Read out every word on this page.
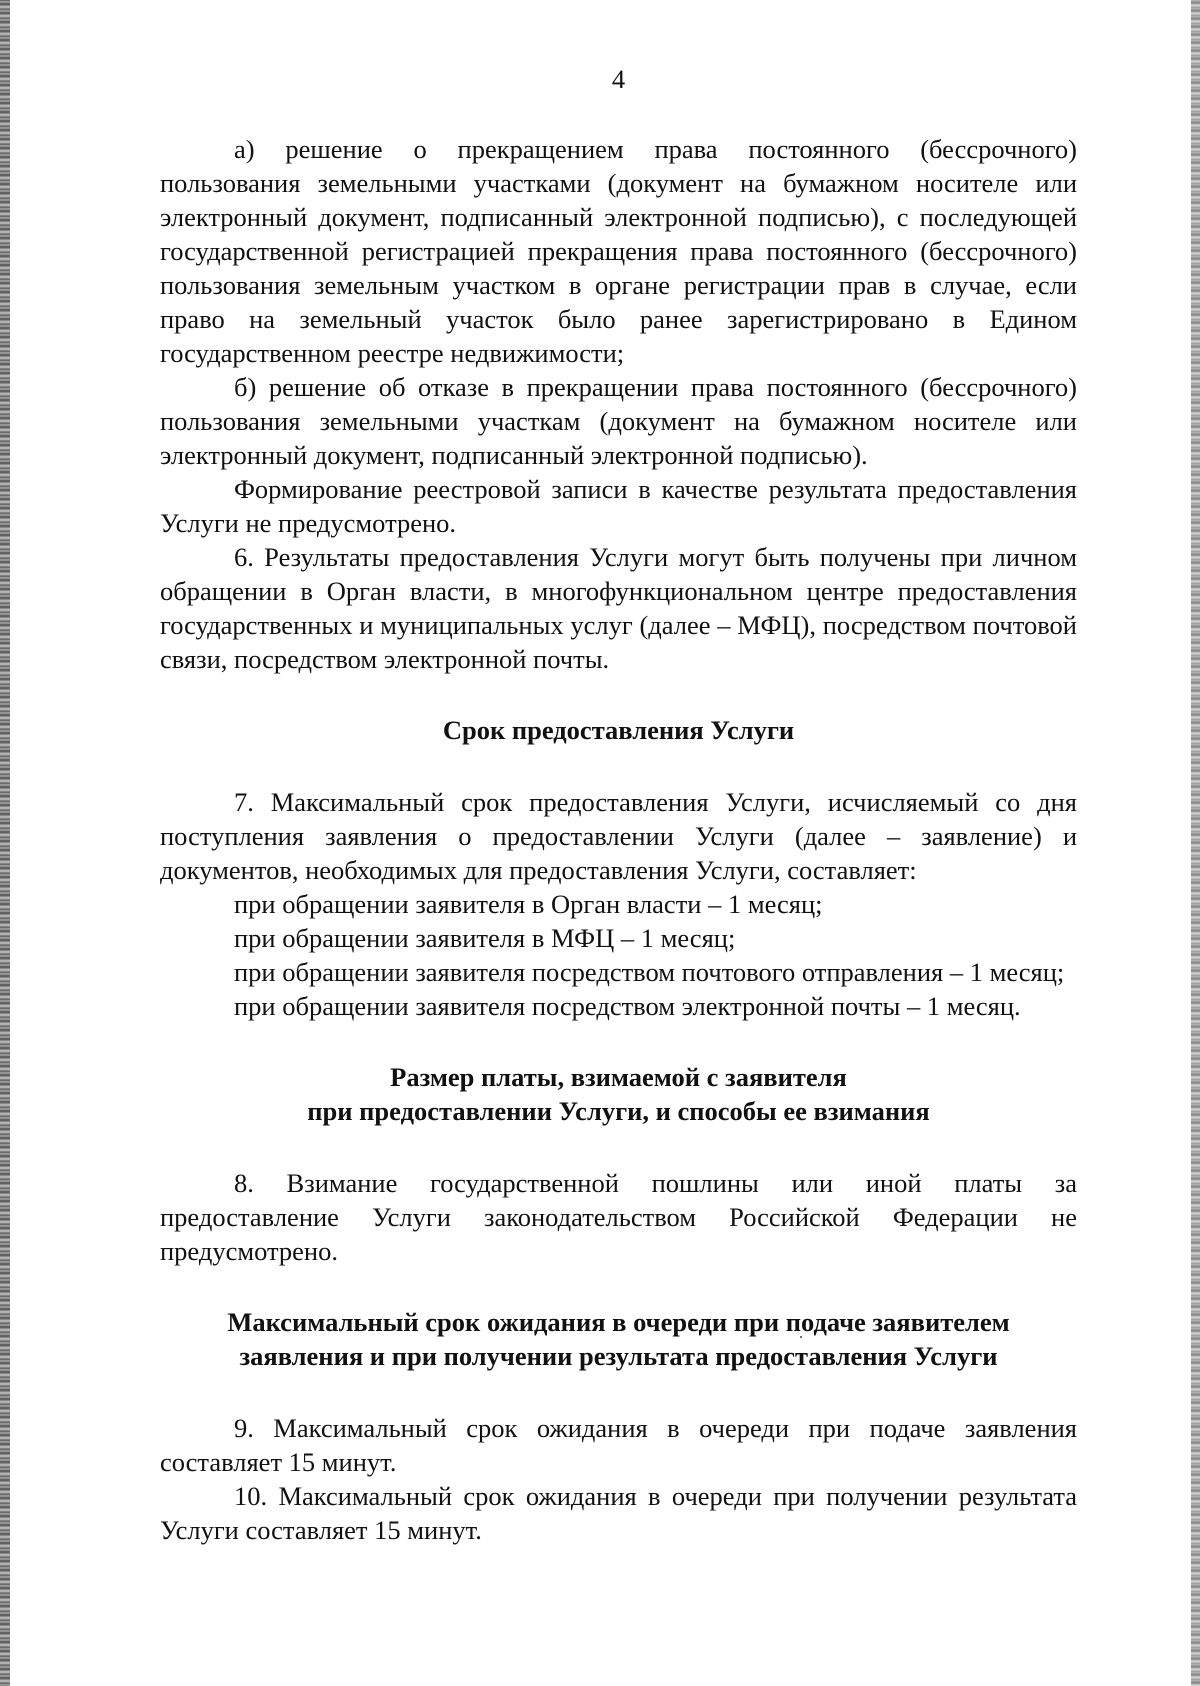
4

а) решение о прекращением права постоянного (бессрочного) пользования земельными участками (документ на бумажном носителе или электронный документ, подписанный электронной подписью), с последующей государственной регистрацией прекращения права постоянного (бессрочного) пользования земельным участком в органе регистрации прав в случае, если право на земельный участок было ранее зарегистрировано в Едином государственном реестре недвижимости;

б) решение об отказе в прекращении права постоянного (бессрочного) пользования земельными участкам (документ на бумажном носителе или электронный документ, подписанный электронной подписью).

Формирование реестровой записи в качестве результата предоставления Услуги не предусмотрено.

6. Результаты предоставления Услуги могут быть получены при личном обращении в Орган власти, в многофункциональном центре предоставления государственных и муниципальных услуг (далее – МФЦ), посредством почтовой связи, посредством электронной почты.

Срок предоставления Услуги

7. Максимальный срок предоставления Услуги, исчисляемый со дня поступления заявления о предоставлении Услуги (далее – заявление) и документов, необходимых для предоставления Услуги, составляет:

при обращении заявителя в Орган власти – 1 месяц;

при обращении заявителя в МФЦ – 1 месяц;

при обращении заявителя посредством почтового отправления – 1 месяц;

при обращении заявителя посредством электронной почты – 1 месяц.

Размер платы, взимаемой с заявителя
при предоставлении Услуги, и способы ее взимания

8. Взимание государственной пошлины или иной платы за предоставление Услуги законодательством Российской Федерации не предусмотрено.

Максимальный срок ожидания в очереди при подаче заявителем
заявления и при получении результата предоставления Услуги

9. Максимальный срок ожидания в очереди при подаче заявления составляет 15 минут.

10. Максимальный срок ожидания в очереди при получении результата Услуги составляет 15 минут.
